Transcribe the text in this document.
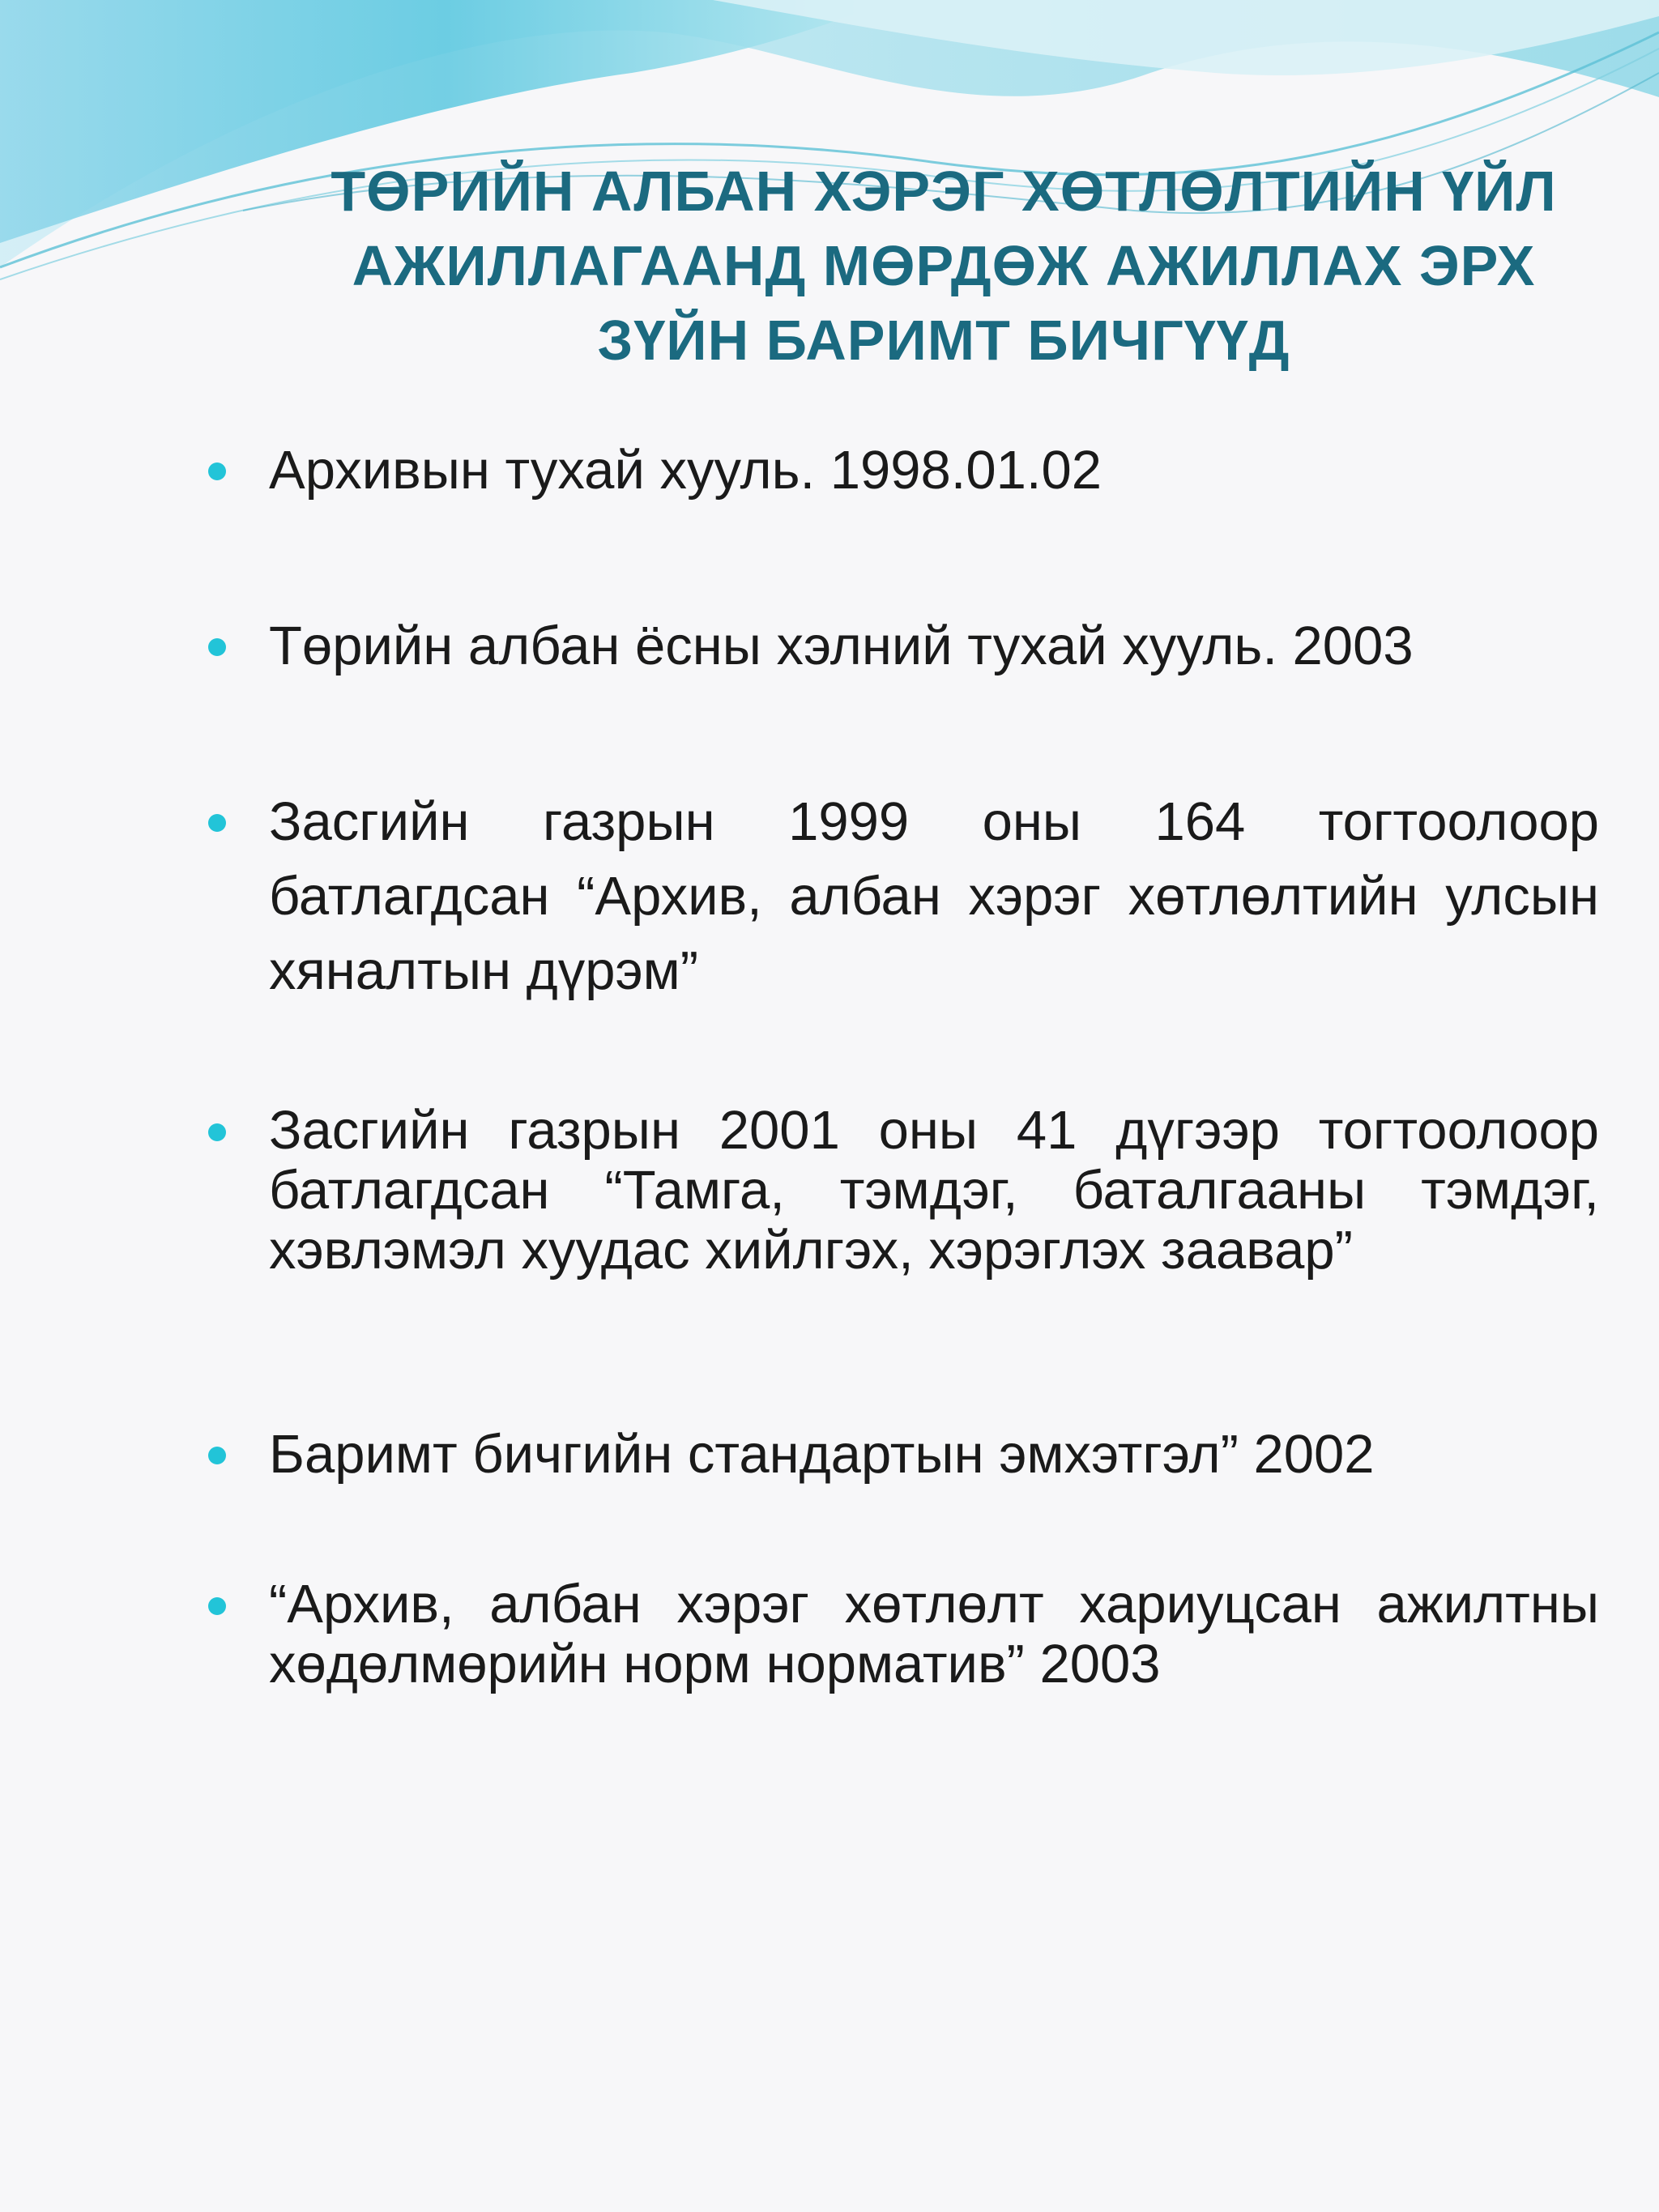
ТӨРИЙН АЛБАН ХЭРЭГ ХӨТЛӨЛТИЙН ҮЙЛ
АЖИЛЛАГААНД МӨРДӨЖ АЖИЛЛАХ ЭРХ
ЗҮЙН БАРИМТ БИЧГҮҮД

Архивын тухай хууль. 1998.01.02

Төрийн албан ёсны хэлний тухай хууль. 2003

Засгийн газрын 1999 оны 164 тогтоолоор батлагдсан “Архив, албан хэрэг хөтлөлтийн улсын хяналтын дүрэм”

Засгийн газрын 2001 оны 41 дүгээр тогтоолоор батлагдсан “Тамга, тэмдэг, баталгааны тэмдэг, хэвлэмэл хуудас хийлгэх, хэрэглэх заавар”

Баримт бичгийн стандартын эмхэтгэл” 2002

“Архив, албан хэрэг хөтлөлт хариуцсан ажилтны хөдөлмөрийн норм норматив” 2003
